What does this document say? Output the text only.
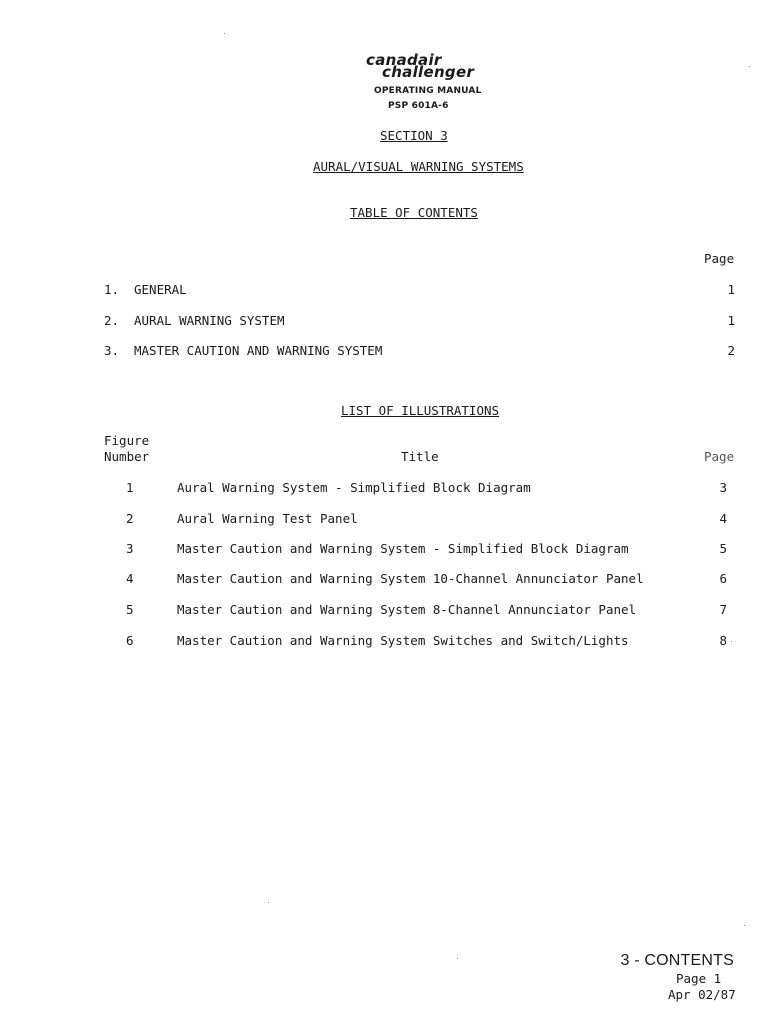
canadair
challenger
OPERATING MANUAL
PSP 601A-6
SECTION 3
AURAL/VISUAL WARNING SYSTEMS
TABLE OF CONTENTS
Page
1. GENERAL	1
2. AURAL WARNING SYSTEM	1
3. MASTER CAUTION AND WARNING SYSTEM	2
LIST OF ILLUSTRATIONS
Figure
Number	Title	Page
1	Aural Warning System - Simplified Block Diagram	3
2	Aural Warning Test Panel	4
3	Master Caution and Warning System - Simplified Block Diagram	5
4	Master Caution and Warning System 10-Channel Annunciator Panel	6
5	Master Caution and Warning System 8-Channel Annunciator Panel	7
6	Master Caution and Warning System Switches and Switch/Lights	8
3 - CONTENTS
Page 1
Apr 02/87
